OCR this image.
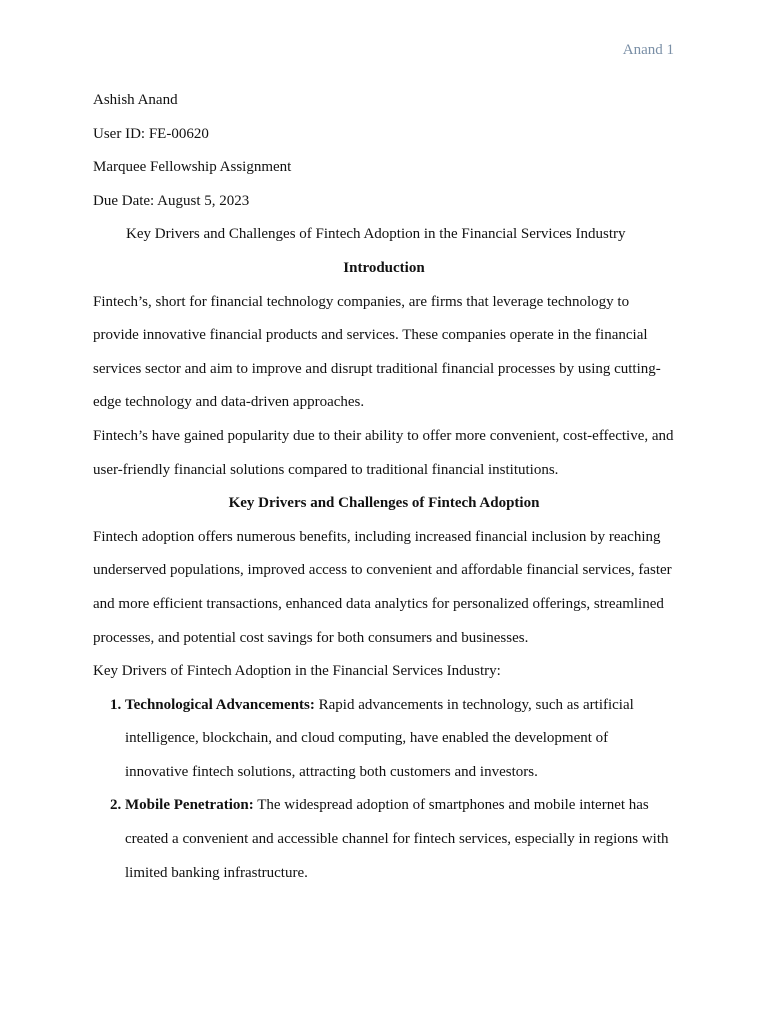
Anand 1

Ashish Anand

User ID: FE-00620

Marquee Fellowship Assignment

Due Date: August 5, 2023

Key Drivers and Challenges of Fintech Adoption in the Financial Services Industry

Introduction

Fintech’s, short for financial technology companies, are firms that leverage technology to provide innovative financial products and services. These companies operate in the financial services sector and aim to improve and disrupt traditional financial processes by using cutting-edge technology and data-driven approaches.

Fintech’s have gained popularity due to their ability to offer more convenient, cost-effective, and user-friendly financial solutions compared to traditional financial institutions.

Key Drivers and Challenges of Fintech Adoption

Fintech adoption offers numerous benefits, including increased financial inclusion by reaching underserved populations, improved access to convenient and affordable financial services, faster and more efficient transactions, enhanced data analytics for personalized offerings, streamlined processes, and potential cost savings for both consumers and businesses.

Key Drivers of Fintech Adoption in the Financial Services Industry:

1. Technological Advancements: Rapid advancements in technology, such as artificial intelligence, blockchain, and cloud computing, have enabled the development of innovative fintech solutions, attracting both customers and investors.
2. Mobile Penetration: The widespread adoption of smartphones and mobile internet has created a convenient and accessible channel for fintech services, especially in regions with limited banking infrastructure.
